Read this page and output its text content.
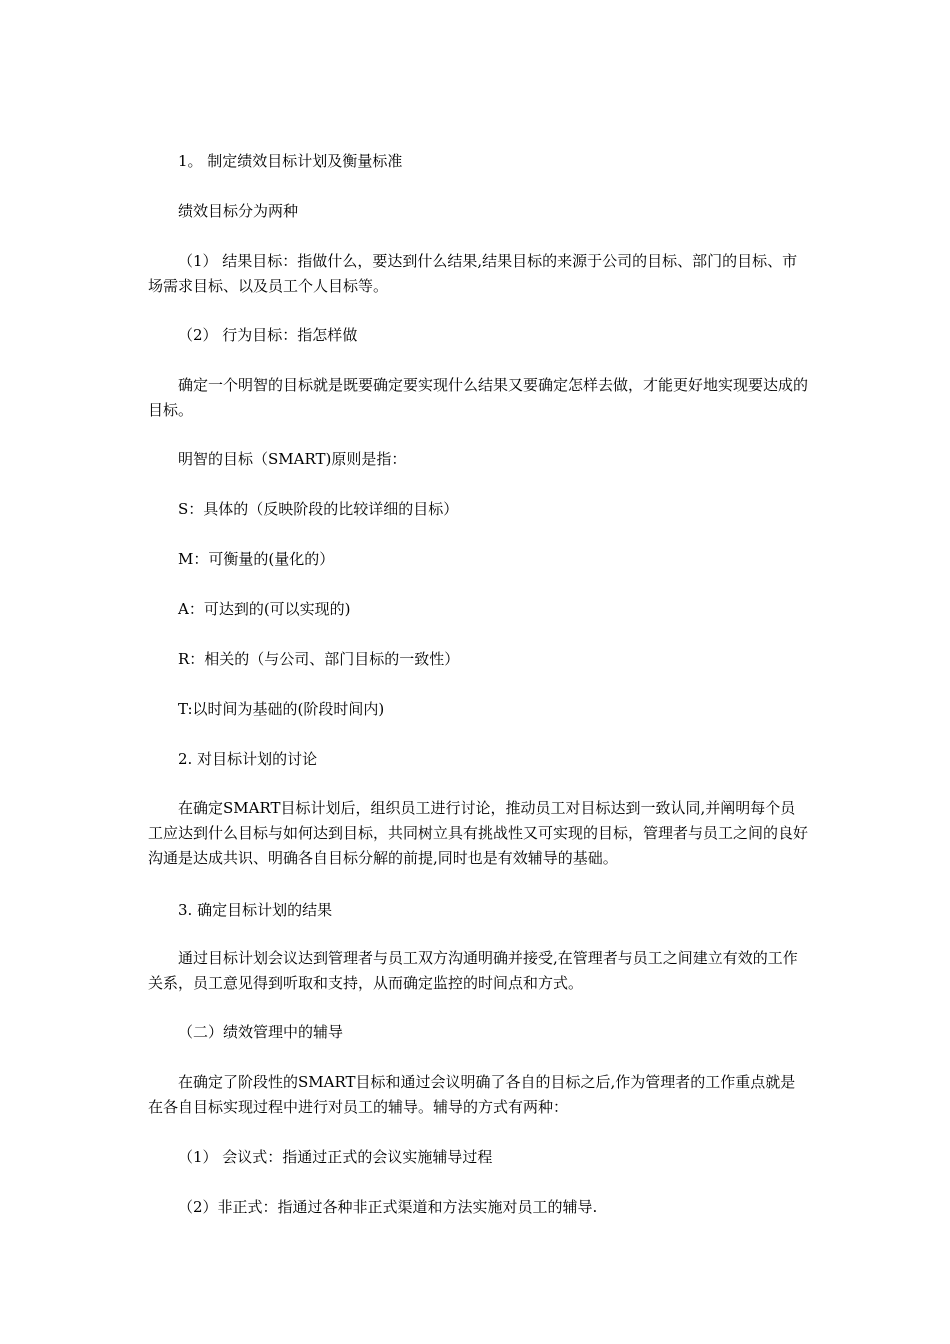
1。 制定绩效目标计划及衡量标准
绩效目标分为两种
（1） 结果目标：指做什么，要达到什么结果,结果目标的来源于公司的目标、部门的目标、市场需求目标、以及员工个人目标等。
（2） 行为目标：指怎样做
确定一个明智的目标就是既要确定要实现什么结果又要确定怎样去做，才能更好地实现要达成的目标。
明智的目标（SMART)原则是指：
S：具体的（反映阶段的比较详细的目标）
M：可衡量的(量化的）
A：可达到的(可以实现的)
R：相关的（与公司、部门目标的一致性）
T:以时间为基础的(阶段时间内)
2. 对目标计划的讨论
在确定SMART目标计划后，组织员工进行讨论，推动员工对目标达到一致认同,并阐明每个员工应达到什么目标与如何达到目标，共同树立具有挑战性又可实现的目标，管理者与员工之间的良好沟通是达成共识、明确各自目标分解的前提,同时也是有效辅导的基础。
3. 确定目标计划的结果
通过目标计划会议达到管理者与员工双方沟通明确并接受,在管理者与员工之间建立有效的工作关系，员工意见得到听取和支持，从而确定监控的时间点和方式。
（二）绩效管理中的辅导
在确定了阶段性的SMART目标和通过会议明确了各自的目标之后,作为管理者的工作重点就是在各自目标实现过程中进行对员工的辅导。辅导的方式有两种：
（1） 会议式：指通过正式的会议实施辅导过程
（2）非正式：指通过各种非正式渠道和方法实施对员工的辅导.
